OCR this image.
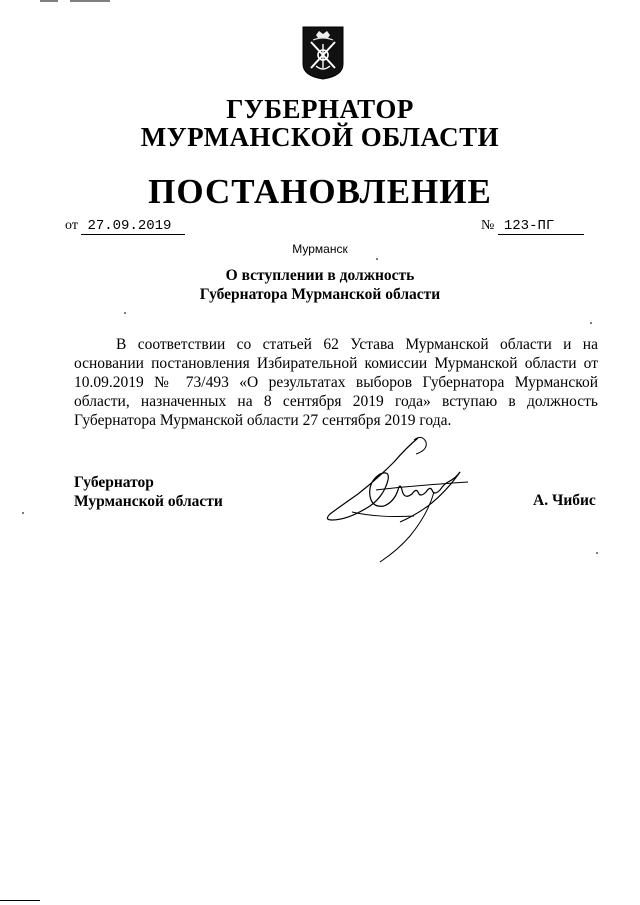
ГУБЕРНАТОР
МУРМАНСКОЙ ОБЛАСТИ
ПОСТАНОВЛЕНИЕ
от 27.09.2019	№ 123-ПГ
Мурманск
О вступлении в должность
Губернатора Мурманской области
В соответствии со статьей 62 Устава Мурманской области и на основании постановления Избирательной комиссии Мурманской области от 10.09.2019 № 73/493 «О результатах выборов Губернатора Мурманской области, назначенных на 8 сентября 2019 года» вступаю в должность Губернатора Мурманской области 27 сентября 2019 года.
Губернатор
Мурманской области	А. Чибис
